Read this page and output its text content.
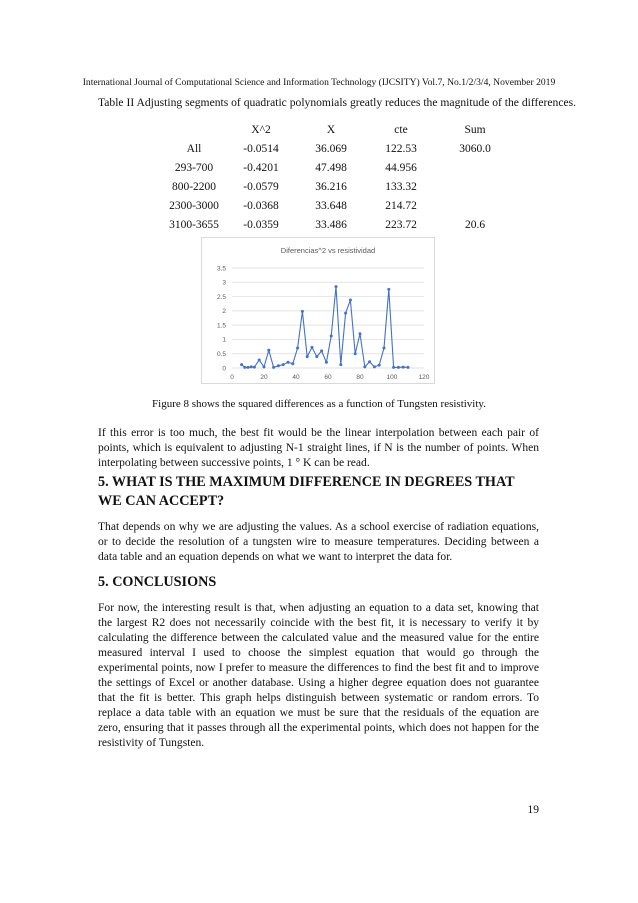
International Journal of Computational Science and Information Technology (IJCSITY) Vol.7, No.1/2/3/4, November 2019
Table II Adjusting segments of quadratic polynomials greatly reduces the magnitude of the differences.
	X^2	X	cte	Sum
All	-0.0514	36.069	122.53	3060.0
293-700	-0.4201	47.498	44.956	
800-2200	-0.0579	36.216	133.32	
2300-3000	-0.0368	33.648	214.72	
3100-3655	-0.0359	33.486	223.72	20.6
Diferencias^2 vs resistividad
0
0.5
1
1.5
2
2.5
3
3.5
0	20	40	60	80	100	120
Figure 8 shows the squared differences as a function of Tungsten resistivity.

If this error is too much, the best fit would be the linear interpolation between each pair of points, which is equivalent to adjusting N-1 straight lines, if N is the number of points. When interpolating between successive points, 1 ° K can be read.

5. WHAT IS THE MAXIMUM DIFFERENCE IN DEGREES THAT WE CAN ACCEPT?

That depends on why we are adjusting the values. As a school exercise of radiation equations, or to decide the resolution of a tungsten wire to measure temperatures. Deciding between a data table and an equation depends on what we want to interpret the data for.

5. CONCLUSIONS

For now, the interesting result is that, when adjusting an equation to a data set, knowing that the largest R2 does not necessarily coincide with the best fit, it is necessary to verify it by calculating the difference between the calculated value and the measured value for the entire measured interval I used to choose the simplest equation that would go through the experimental points, now I prefer to measure the differences to find the best fit and to improve the settings of Excel or another database. Using a higher degree equation does not guarantee that the fit is better. This graph helps distinguish between systematic or random errors. To replace a data table with an equation we must be sure that the residuals of the equation are zero, ensuring that it passes through all the experimental points, which does not happen for the resistivity of Tungsten.

19
